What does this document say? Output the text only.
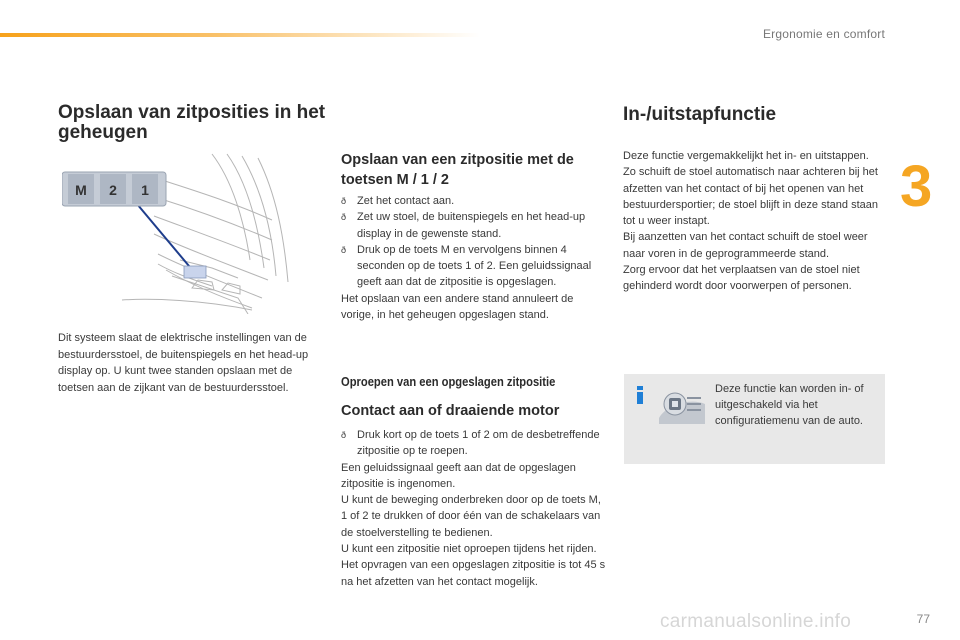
Ergonomie en comfort
3
Opslaan van zitposities in het geheugen
M 2 1

Dit systeem slaat de elektrische instellingen van de bestuurdersstoel, de buitenspiegels en het head-up display op. U kunt twee standen opslaan met de toetsen aan de zijkant van de bestuurdersstoel.

Opslaan van een zitpositie met de toetsen M / 1 / 2
ð Zet het contact aan.
ð Zet uw stoel, de buitenspiegels en het head-up display in de gewenste stand.
ð Druk op de toets M en vervolgens binnen 4 seconden op de toets 1 of 2. Een geluidssignaal geeft aan dat de zitpositie is opgeslagen.

Het opslaan van een andere stand annuleert de vorige, in het geheugen opgeslagen stand.

Oproepen van een opgeslagen zitpositie
Contact aan of draaiende motor
ð Druk kort op de toets 1 of 2 om de desbetreffende zitpositie op te roepen.

Een geluidssignaal geeft aan dat de opgeslagen zitpositie is ingenomen.

U kunt de beweging onderbreken door op de toets M, 1 of 2 te drukken of door één van de schakelaars van de stoelverstelling te bedienen.

U kunt een zitpositie niet oproepen tijdens het rijden.

Het opvragen van een opgeslagen zitpositie is tot 45 s na het afzetten van het contact mogelijk.

In-/uitstapfunctie

Deze functie vergemakkelijkt het in- en uitstappen.

Zo schuift de stoel automatisch naar achteren bij het afzetten van het contact of bij het openen van het bestuurdersportier; de stoel blijft in deze stand staan tot u weer instapt.

Bij aanzetten van het contact schuift de stoel weer naar voren in de geprogrammeerde stand.

Zorg ervoor dat het verplaatsen van de stoel niet gehinderd wordt door voorwerpen of personen.

Deze functie kan worden in- of uitgeschakeld via het configuratiemenu van de auto.

carmanualsonline.info	77
